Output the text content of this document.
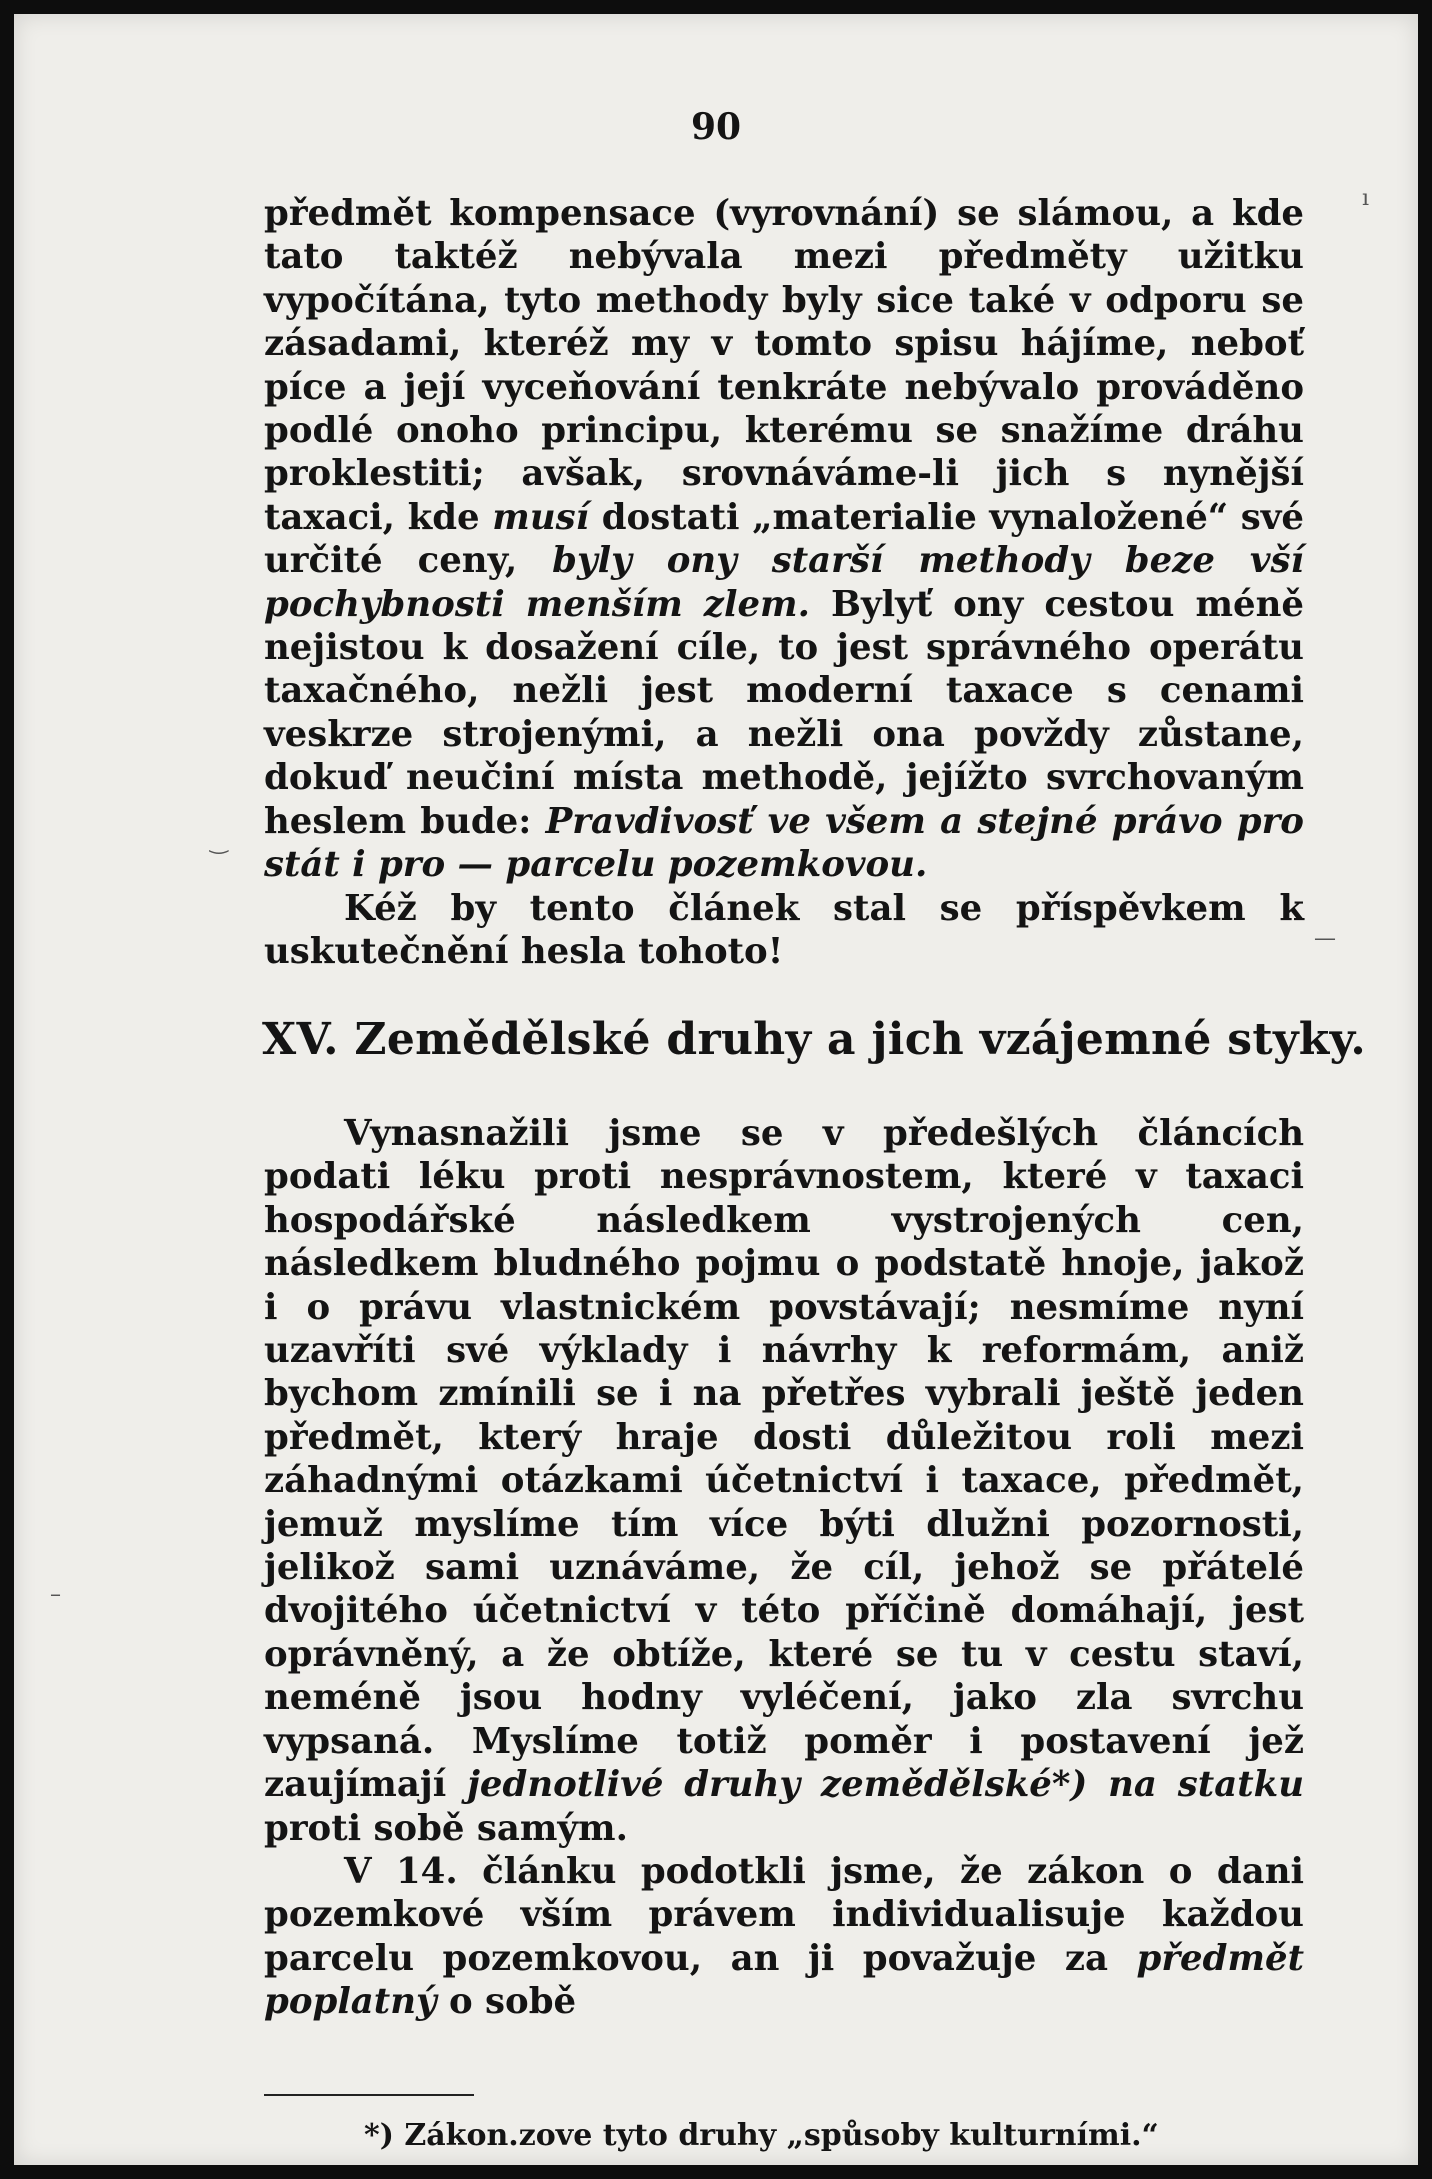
90

předmět kompensace (vyrovnání) se slámou, a kde tato taktéž nebývala mezi předměty užitku vypočítána, tyto methody byly sice také v odporu se zásadami, kteréž my v tomto spisu hájíme, neboť píce a její vyceňování tenkráte nebývalo prováděno podlé onoho principu, kterému se snažíme dráhu proklestiti; avšak, srovnáváme-li jich s nynější taxaci, kde musí dostati „materialie vynaložené“ své určité ceny, byly ony starší methody beze vší pochybnosti menším zlem. Bylyť ony cestou méně nejistou k dosažení cíle, to jest správného operátu taxačného, nežli jest moderní taxace s cenami veskrze strojenými, a nežli ona povždy zůstane, dokuď neučiní místa methodě, jejížto svrchovaným heslem bude: Pravdivosť ve všem a stejné právo pro stát i pro — parcelu pozemkovou.

Kéž by tento článek stal se příspěvkem k uskutečnění hesla tohoto!

XV. Zemědělské druhy a jich vzájemné styky.

Vynasnažili jsme se v předešlých článcích podati léku proti nesprávnostem, které v taxaci hospodářské následkem vystrojených cen, následkem bludného pojmu o podstatě hnoje, jakož i o právu vlastnickém povstávají; nesmíme nyní uzavříti své výklady i návrhy k reformám, aniž bychom zmínili se i na přetřes vybrali ještě jeden předmět, který hraje dosti důležitou roli mezi záhadnými otázkami účetnictví i taxace, předmět, jemuž myslíme tím více býti dlužni pozornosti, jelikož sami uznáváme, že cíl, jehož se přátelé dvojitého účetnictví v této příčině domáhají, jest oprávněný, a že obtíže, které se tu v cestu staví, neméně jsou hodny vyléčení, jako zla svrchu vypsaná. Myslíme totiž poměr i postavení jež zaujímají jednotlivé druhy zemědělské*) na statku proti sobě samým.

V 14. článku podotkli jsme, že zákon o dani pozemkové vším právem individualisuje každou parcelu pozemkovou, an ji považuje za předmět poplatný o sobě

*) Zákon.zove tyto druhy „spůsoby kulturními.“
ı
‿
—
–
